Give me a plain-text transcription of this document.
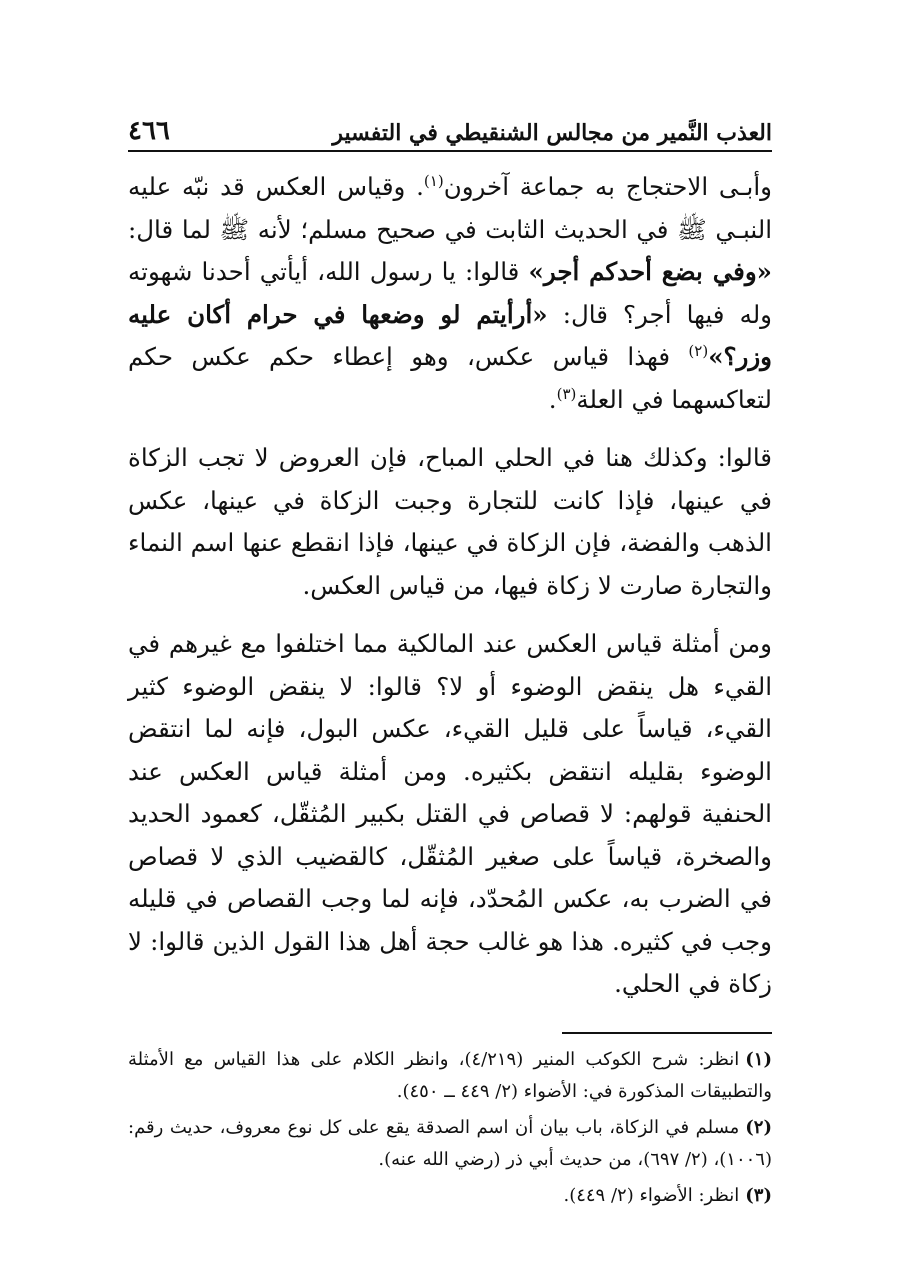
العذب النَّمير من مجالس الشنقيطي في التفسير
٤٦٦

وأبـى الاحتجاج به جماعة آخرون$^{(١)}$. وقياس العكس قد نبّه عليه النبـي ﷺ في الحديث الثابت في صحيح مسلم؛ لأنه ﷺ لما قال: «وفي بضع أحدكم أجر» قالوا: يا رسول الله، أيأتي أحدنا شهوته وله فيها أجر؟ قال: «أرأيتم لو وضعها في حرام أكان عليه وزر؟»$^{(٢)}$ فهذا قياس عكس، وهو إعطاء حكم عكس حكم لتعاكسهما في العلة$^{(٣)}$.

قالوا: وكذلك هنا في الحلي المباح، فإن العروض لا تجب الزكاة في عينها، فإذا كانت للتجارة وجبت الزكاة في عينها، عكس الذهب والفضة، فإن الزكاة في عينها، فإذا انقطع عنها اسم النماء والتجارة صارت لا زكاة فيها، من قياس العكس.

ومن أمثلة قياس العكس عند المالكية مما اختلفوا مع غيرهم في القيء هل ينقض الوضوء أو لا؟ قالوا: لا ينقض الوضوء كثير القيء، قياساً على قليل القيء، عكس البول، فإنه لما انتقض الوضوء بقليله انتقض بكثيره. ومن أمثلة قياس العكس عند الحنفية قولهم: لا قصاص في القتل بكبير المُثقّل، كعمود الحديد والصخرة، قياساً على صغير المُثقّل، كالقضيب الذي لا قصاص في الضرب به، عكس المُحدّد، فإنه لما وجب القصاص في قليله وجب في كثيره. هذا هو غالب حجة أهل هذا القول الذين قالوا: لا زكاة في الحلي.

(١)انظر: شرح الكوكب المنير (٤/٢١٩)، وانظر الكلام على هذا القياس مع الأمثلة والتطبيقات المذكورة في: الأضواء (٢/ ٤٤٩ ــ ٤٥٠).

(٢)مسلم في الزكاة، باب بيان أن اسم الصدقة يقع على كل نوع معروف، حديث رقم: (١٠٠٦)، (٢/ ٦٩٧)، من حديث أبي ذر (رضي الله عنه).

(٣)انظر: الأضواء (٢/ ٤٤٩).
